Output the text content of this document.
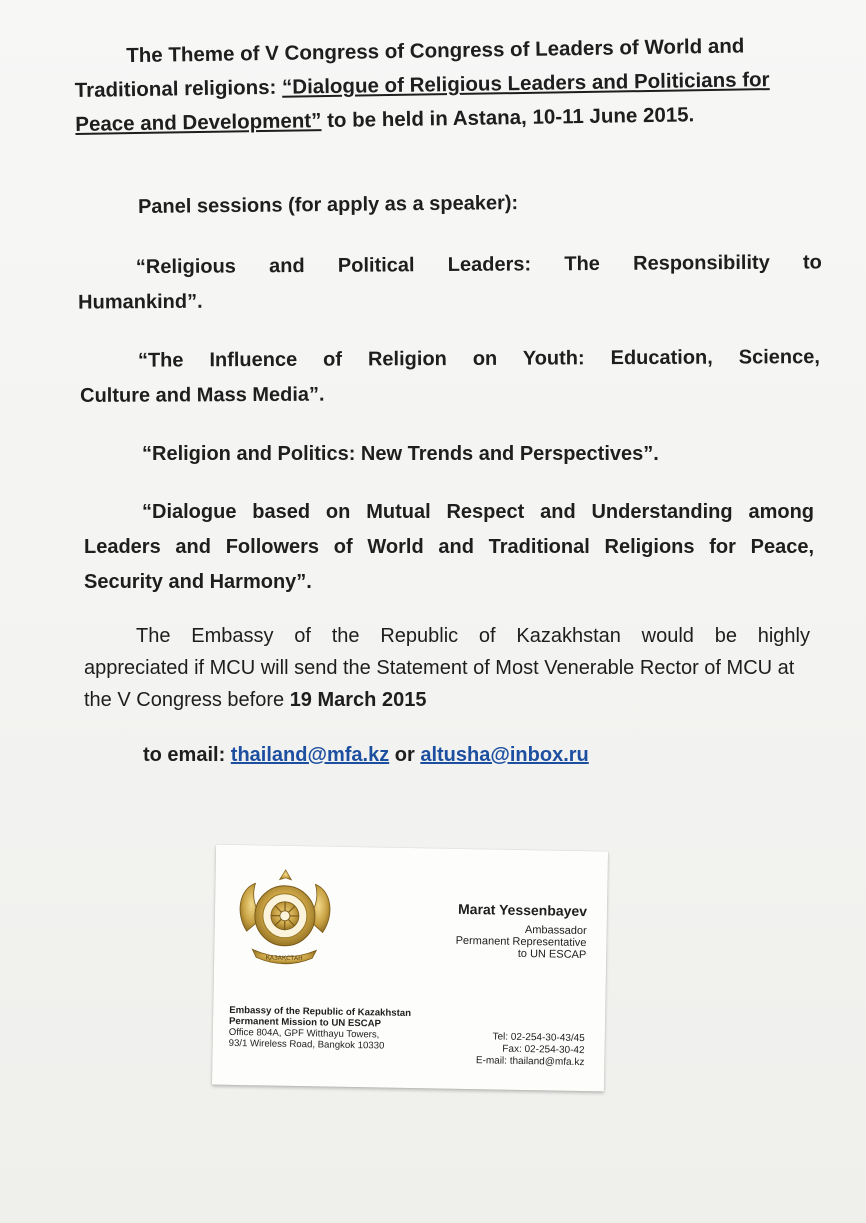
The Theme of V Congress of Congress of Leaders of World and Traditional religions: “Dialogue of Religious Leaders and Politicians for Peace and Development” to be held in Astana, 10-11 June 2015.
Panel sessions (for apply as a speaker):
“Religious and Political Leaders: The Responsibility to
Humankind”.
“The Influence of Religion on Youth: Education, Science,
Culture and Mass Media”.
“Religion and Politics: New Trends and Perspectives”.
“Dialogue based on Mutual Respect and Understanding among
Leaders and Followers of World and Traditional Religions for Peace, Security and Harmony”.
The Embassy of the Republic of Kazakhstan would be highly
appreciated if MCU will send the Statement of Most Venerable Rector of MCU at the V Congress before 19 March 2015
to email: thailand@mfa.kz or altusha@inbox.ru
ҚAЗAҚСТAН
Marat Yessenbayev
Ambassador
Permanent Representative
to UN ESCAP
Embassy of the Republic of Kazakhstan
Permanent Mission to UN ESCAP
Office 804A, GPF Witthayu Towers,
93/1 Wireless Road, Bangkok 10330
Tel: 02-254-30-43/45
Fax: 02-254-30-42
E-mail: thailand@mfa.kz
